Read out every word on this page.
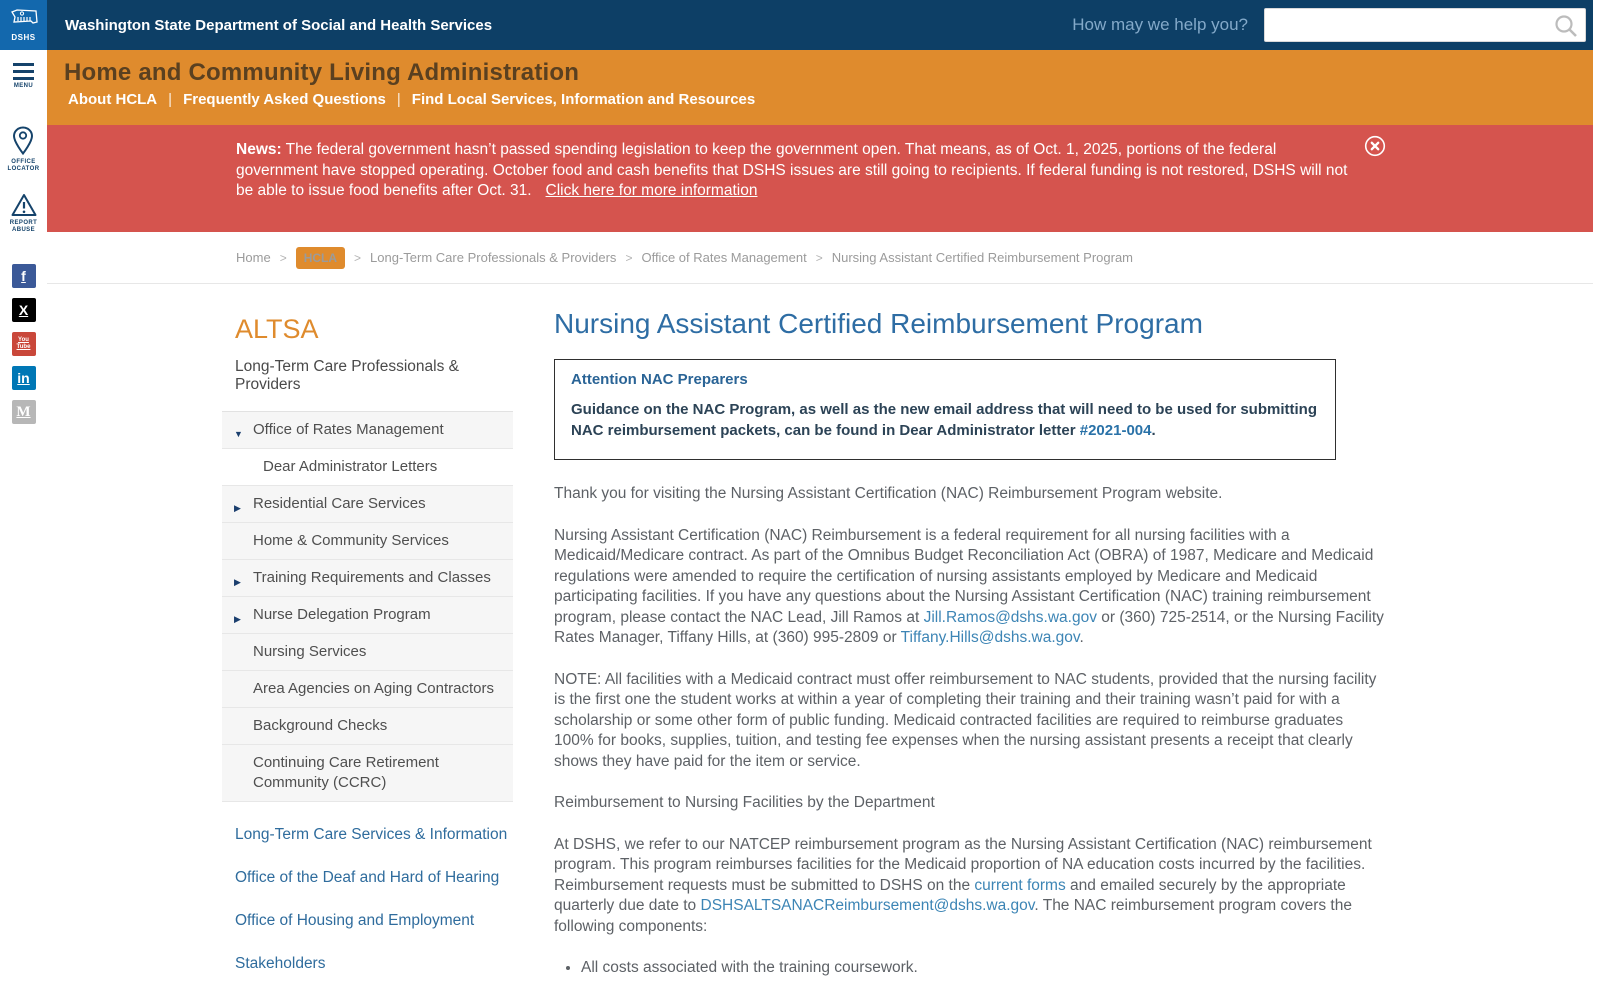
DSHS
Washington State Department of Social and Health Services	How may we help you?
MENU
OFFICE
LOCATOR
REPORT
ABUSE
f
X
You
Tube
in
M
Home and Community Living Administration
About HCLA | Frequently Asked Questions | Find Local Services, Information and Resources
News: The federal government hasn’t passed spending legislation to keep the government open. That means, as of Oct. 1, 2025, portions of the federal government have stopped operating. October food and cash benefits that DSHS issues are still going to recipients. If federal funding is not restored, DSHS will not be able to issue food benefits after Oct. 31. Click here for more information
Home >	HCLA	> Long-Term Care Professionals & Providers > Office of Rates Management > Nursing Assistant Certified Reimbursement Program
ALTSA
Long-Term Care Professionals & Providers
▼ Office of Rates Management
Dear Administrator Letters
▶ Residential Care Services
Home & Community Services
▶ Training Requirements and Classes
▶ Nurse Delegation Program
Nursing Services
Area Agencies on Aging Contractors
Background Checks
Continuing Care Retirement Community (CCRC)
Long-Term Care Services & Information
Office of the Deaf and Hard of Hearing
Office of Housing and Employment
Stakeholders
Nursing Assistant Certified Reimbursement Program
Attention NAC Preparers

Guidance on the NAC Program, as well as the new email address that will need to be used for submitting NAC reimbursement packets, can be found in Dear Administrator letter #2021-004.

Thank you for visiting the Nursing Assistant Certification (NAC) Reimbursement Program website.

Nursing Assistant Certification (NAC) Reimbursement is a federal requirement for all nursing facilities with a Medicaid/Medicare contract. As part of the Omnibus Budget Reconciliation Act (OBRA) of 1987, Medicare and Medicaid regulations were amended to require the certification of nursing assistants employed by Medicare and Medicaid participating facilities. If you have any questions about the Nursing Assistant Certification (NAC) training reimbursement program, please contact the NAC Lead, Jill Ramos at Jill.Ramos@dshs.wa.gov or (360) 725-2514, or the Nursing Facility Rates Manager, Tiffany Hills, at (360) 995-2809 or Tiffany.Hills@dshs.wa.gov.

NOTE: All facilities with a Medicaid contract must offer reimbursement to NAC students, provided that the nursing facility is the first one the student works at within a year of completing their training and their training wasn’t paid for with a scholarship or some other form of public funding. Medicaid contracted facilities are required to reimburse graduates 100% for books, supplies, tuition, and testing fee expenses when the nursing assistant presents a receipt that clearly shows they have paid for the item or service.

Reimbursement to Nursing Facilities by the Department

At DSHS, we refer to our NATCEP reimbursement program as the Nursing Assistant Certification (NAC) reimbursement program. This program reimburses facilities for the Medicaid proportion of NA education costs incurred by the facilities. Reimbursement requests must be submitted to DSHS on the current forms and emailed securely by the appropriate quarterly due date to DSHSALTSANACReimbursement@dshs.wa.gov. The NAC reimbursement program covers the following components:

• All costs associated with the training coursework.
